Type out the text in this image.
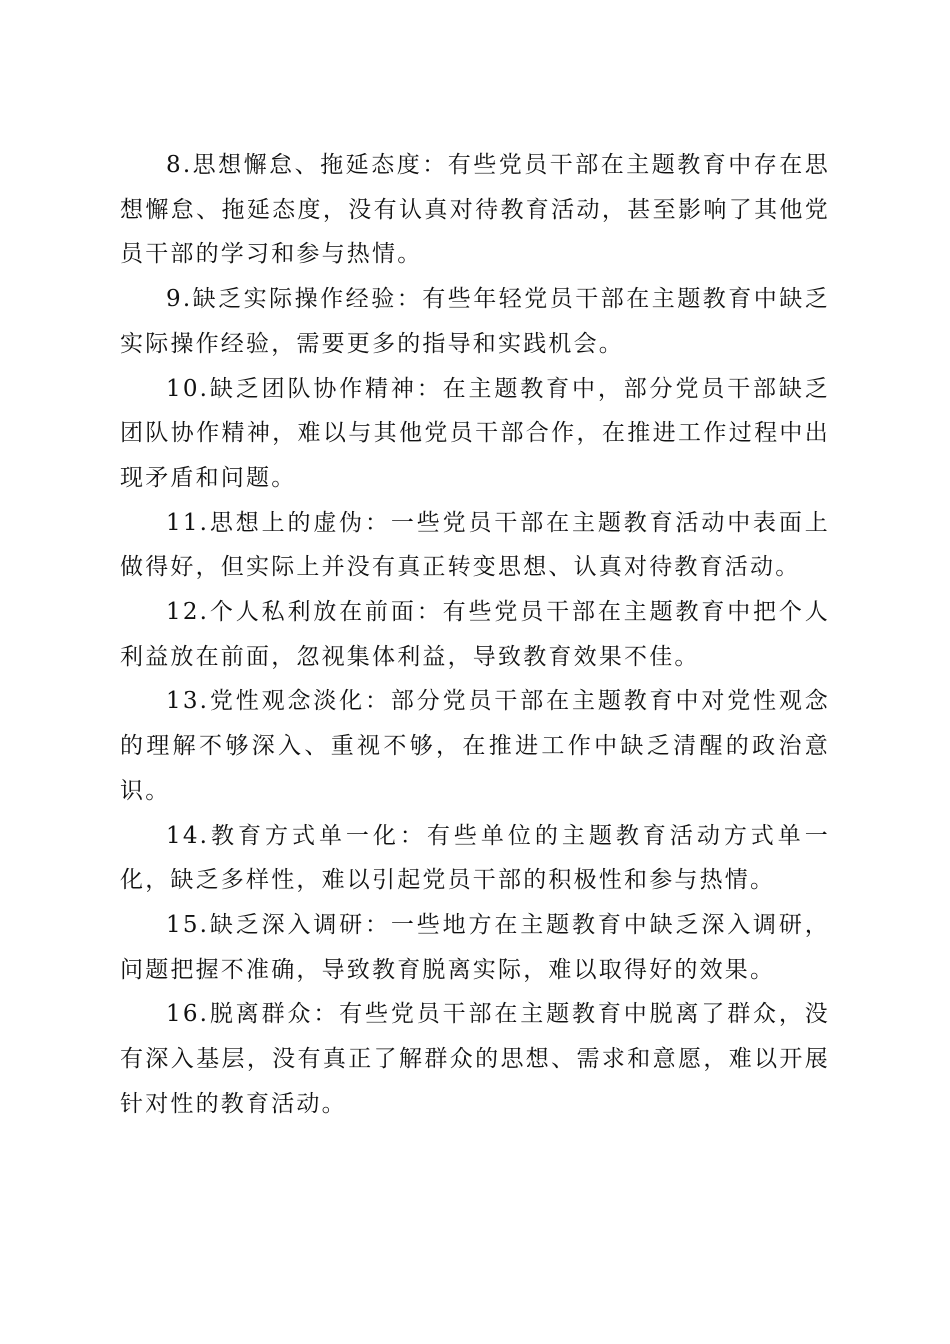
8.思想懈怠、拖延态度：有些党员干部在主题教育中存在思想懈怠、拖延态度，没有认真对待教育活动，甚至影响了其他党员干部的学习和参与热情。

9.缺乏实际操作经验：有些年轻党员干部在主题教育中缺乏实际操作经验，需要更多的指导和实践机会。

10.缺乏团队协作精神：在主题教育中，部分党员干部缺乏团队协作精神，难以与其他党员干部合作，在推进工作过程中出现矛盾和问题。

11.思想上的虚伪：一些党员干部在主题教育活动中表面上做得好，但实际上并没有真正转变思想、认真对待教育活动。

12.个人私利放在前面：有些党员干部在主题教育中把个人利益放在前面，忽视集体利益，导致教育效果不佳。

13.党性观念淡化：部分党员干部在主题教育中对党性观念的理解不够深入、重视不够，在推进工作中缺乏清醒的政治意识。

14.教育方式单一化：有些单位的主题教育活动方式单一化，缺乏多样性，难以引起党员干部的积极性和参与热情。

15.缺乏深入调研：一些地方在主题教育中缺乏深入调研，问题把握不准确，导致教育脱离实际，难以取得好的效果。

16.脱离群众：有些党员干部在主题教育中脱离了群众，没有深入基层，没有真正了解群众的思想、需求和意愿，难以开展针对性的教育活动。
